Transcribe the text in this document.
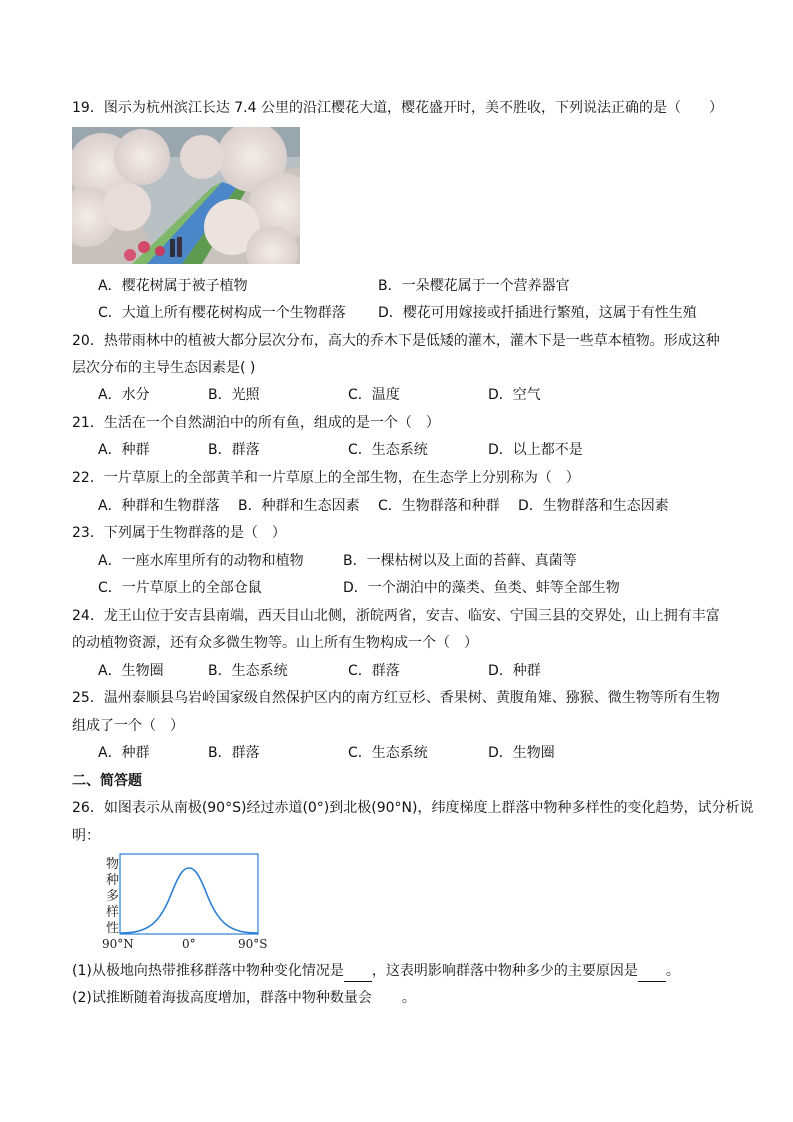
19．图示为杭州滨江长达 7.4 公里的沿江樱花大道，樱花盛开时，美不胜收，下列说法正确的是（　　）
A．樱花树属于被子植物	B．一朵樱花属于一个营养器官
C．大道上所有樱花树构成一个生物群落 D．樱花可用嫁接或扦插进行繁殖，这属于有性生殖
20．热带雨林中的植被大都分层次分布，高大的乔木下是低矮的灌木，灌木下是一些草本植物。形成这种
层次分布的主导生态因素是( )
A．水分	B．光照	C．温度	D．空气
21．生活在一个自然湖泊中的所有鱼，组成的是一个（　）
A．种群	B．群落	C．生态系统	D．以上都不是
22．一片草原上的全部黄羊和一片草原上的全部生物，在生态学上分别称为（　）
A．种群和生物群落 B．种群和生态因素 C．生物群落和种群 D．生物群落和生态因素
23．下列属于生物群落的是（　）
A．一座水库里所有的动物和植物	B．一棵枯树以及上面的苔藓、真菌等
C．一片草原上的全部仓鼠	D．一个湖泊中的藻类、鱼类、蚌等全部生物
24．龙王山位于安吉县南端，西天目山北侧，浙皖两省，安吉、临安、宁国三县的交界处，山上拥有丰富
的动植物资源，还有众多微生物等。山上所有生物构成一个（　）
A．生物圈	B．生态系统	C．群落	D．种群
25．温州泰顺县乌岩岭国家级自然保护区内的南方红豆杉、香果树、黄腹角雉、猕猴、微生物等所有生物
组成了一个（　）
A．种群	B．群落	C．生态系统	D．生物圈
二、简答题
26．如图表示从南极(90°S)经过赤道(0°)到北极(90°N)，纬度梯度上群落中物种多样性的变化趋势，试分析说
明：
物
种
多
样
性
90°N	0°	90°S
(1)从极地向热带推移群落中物种变化情况是 ，这表明影响群落中物种多少的主要原因是 。
(2)试推断随着海拔高度增加，群落中物种数量会 。
